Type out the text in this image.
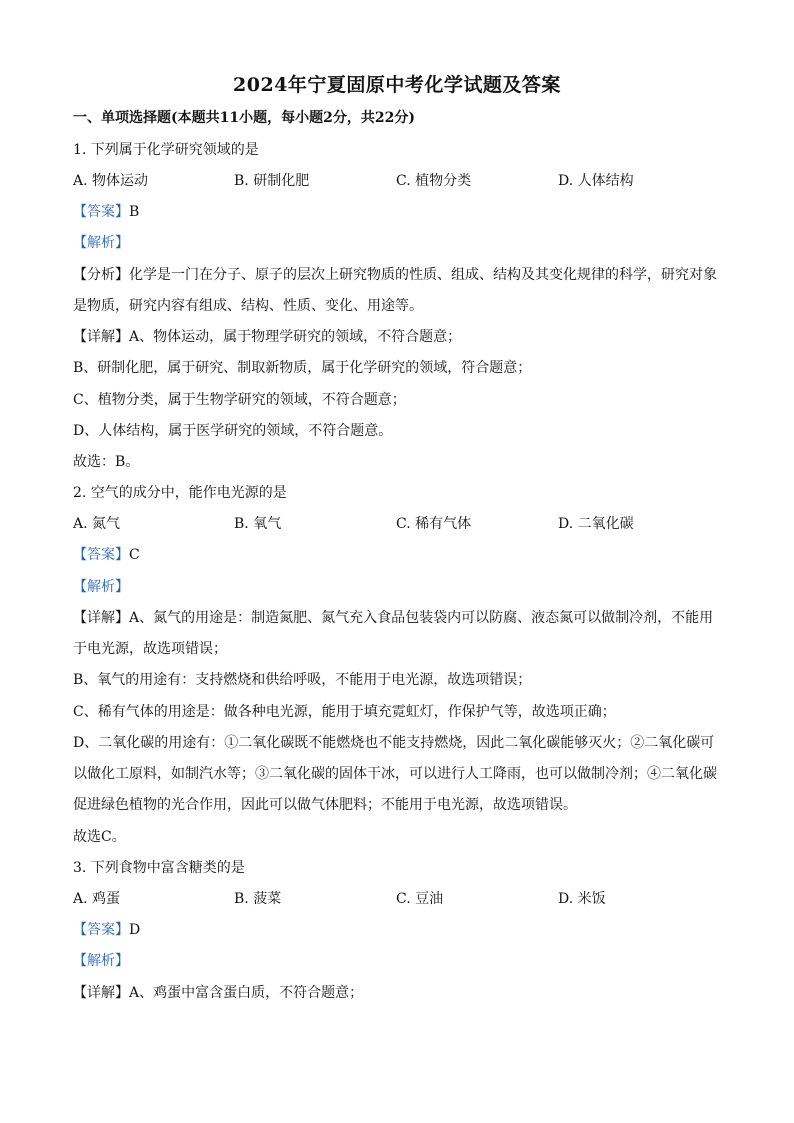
2024年宁夏固原中考化学试题及答案
一、单项选择题(本题共11小题，每小题2分，共22分)
1. 下列属于化学研究领域的是
A. 物体运动	B. 研制化肥	C. 植物分类	D. 人体结构
【答案】B
【解析】
【分析】化学是一门在分子、原子的层次上研究物质的性质、组成、结构及其变化规律的科学，研究对象
是物质，研究内容有组成、结构、性质、变化、用途等。
【详解】A、物体运动，属于物理学研究的领域，不符合题意；
B、研制化肥，属于研究、制取新物质，属于化学研究的领域，符合题意；
C、植物分类，属于生物学研究的领域，不符合题意；
D、人体结构，属于医学研究的领域，不符合题意。
故选：B。
2. 空气的成分中，能作电光源的是
A. 氮气	B. 氧气	C. 稀有气体	D. 二氧化碳
【答案】C
【解析】
【详解】A、氮气的用途是：制造氮肥、氮气充入食品包装袋内可以防腐、液态氮可以做制冷剂，不能用
于电光源，故选项错误；
B、氧气的用途有：支持燃烧和供给呼吸，不能用于电光源，故选项错误；
C、稀有气体的用途是：做各种电光源，能用于填充霓虹灯，作保护气等，故选项正确；
D、二氧化碳的用途有：①二氧化碳既不能燃烧也不能支持燃烧，因此二氧化碳能够灭火；②二氧化碳可
以做化工原料，如制汽水等；③二氧化碳的固体干冰，可以进行人工降雨，也可以做制冷剂；④二氧化碳
促进绿色植物的光合作用，因此可以做气体肥料；不能用于电光源，故选项错误。
故选C。
3. 下列食物中富含糖类的是
A. 鸡蛋	B. 菠菜	C. 豆油	D. 米饭
【答案】D
【解析】
【详解】A、鸡蛋中富含蛋白质，不符合题意；
